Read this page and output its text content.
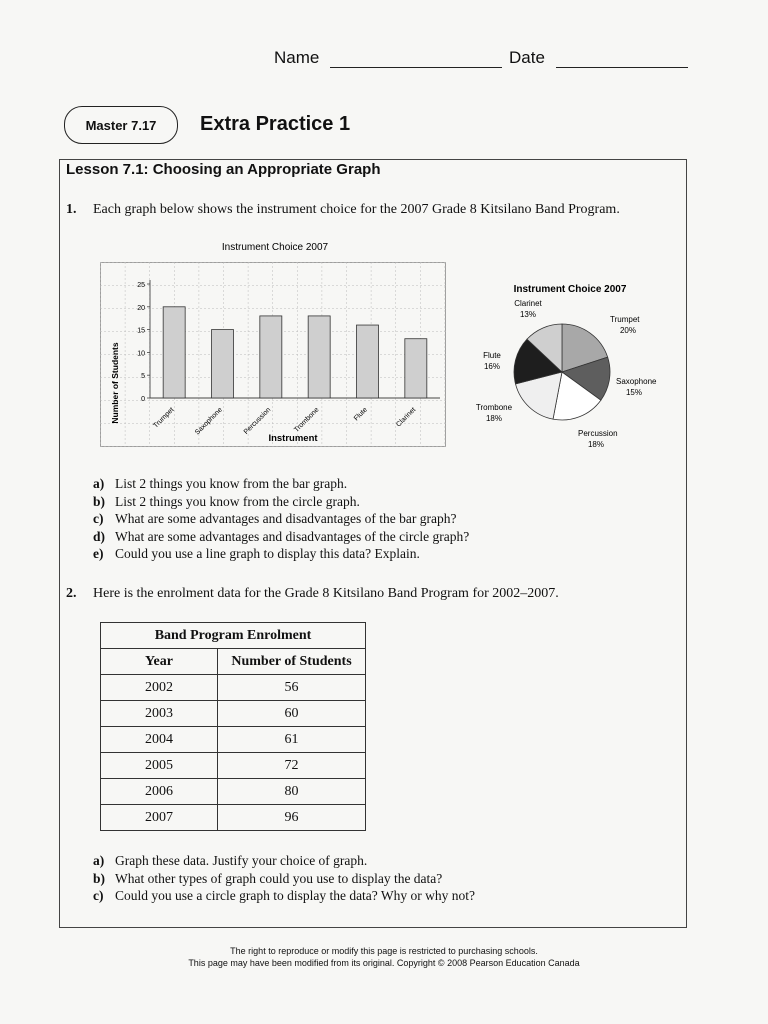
Name	Date
Master 7.17	Extra Practice 1
Lesson 7.1: Choosing an Appropriate Graph
1. Each graph below shows the instrument choice for the 2007 Grade 8 Kitsilano Band Program.
Instrument Choice 2007
0
5
10
15
20
25
Trumpet	Saxophone	Percussion	Trombone	Flute	Clarinet
Number of Students
Instrument
Instrument Choice 2007
Trumpet
20%
Saxophone
15%
Percussion
18%
Trombone
18%
Flute
16%
Clarinet
13%
a) List 2 things you know from the bar graph.
b) List 2 things you know from the circle graph.
c) What are some advantages and disadvantages of the bar graph?
d) What are some advantages and disadvantages of the circle graph?
e) Could you use a line graph to display this data? Explain.
2. Here is the enrolment data for the Grade 8 Kitsilano Band Program for 2002–2007.
Band Program Enrolment	
Year	Number of Students
2002	56
2003	60
2004	61
2005	72
2006	80
2007	96
a) Graph these data. Justify your choice of graph.
b) What other types of graph could you use to display the data?
c) Could you use a circle graph to display the data? Why or why not?
The right to reproduce or modify this page is restricted to purchasing schools.
This page may have been modified from its original. Copyright © 2008 Pearson Education Canada
